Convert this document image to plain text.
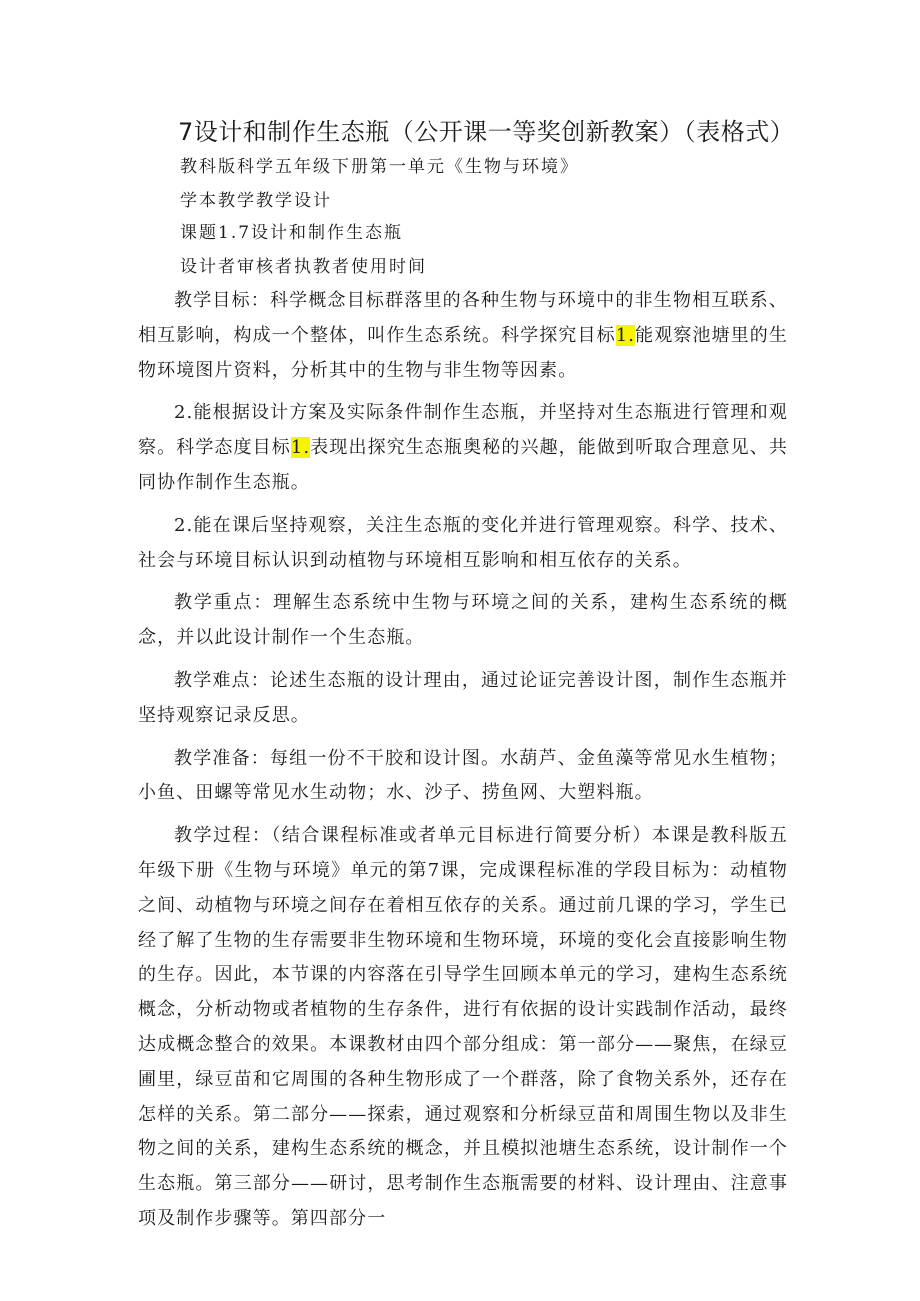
7设计和制作生态瓶（公开课一等奖创新教案）（表格式）
教科版科学五年级下册第一单元《生物与环境》
学本教学教学设计
课题1.7设计和制作生态瓶
设计者审核者执教者使用时间

教学目标：科学概念目标群落里的各种生物与环境中的非生物相互联系、相互影响，构成一个整体，叫作生态系统。科学探究目标1.能观察池塘里的生物环境图片资料，分析其中的生物与非生物等因素。

2.能根据设计方案及实际条件制作生态瓶，并坚持对生态瓶进行管理和观察。科学态度目标1.表现出探究生态瓶奥秘的兴趣，能做到听取合理意见、共同协作制作生态瓶。

2.能在课后坚持观察，关注生态瓶的变化并进行管理观察。科学、技术、社会与环境目标认识到动植物与环境相互影响和相互依存的关系。

教学重点：理解生态系统中生物与环境之间的关系，建构生态系统的概念，并以此设计制作一个生态瓶。

教学难点：论述生态瓶的设计理由，通过论证完善设计图，制作生态瓶并坚持观察记录反思。

教学准备：每组一份不干胶和设计图。水葫芦、金鱼藻等常见水生植物；小鱼、田螺等常见水生动物；水、沙子、捞鱼网、大塑料瓶。

教学过程：（结合课程标准或者单元目标进行简要分析）本课是教科版五年级下册《生物与环境》单元的第7课，完成课程标准的学段目标为：动植物之间、动植物与环境之间存在着相互依存的关系。通过前几课的学习，学生已经了解了生物的生存需要非生物环境和生物环境，环境的变化会直接影响生物的生存。因此，本节课的内容落在引导学生回顾本单元的学习，建构生态系统概念，分析动物或者植物的生存条件，进行有依据的设计实践制作活动，最终达成概念整合的效果。本课教材由四个部分组成：第一部分——聚焦，在绿豆圃里，绿豆苗和它周围的各种生物形成了一个群落，除了食物关系外，还存在怎样的关系。第二部分——探索，通过观察和分析绿豆苗和周围生物以及非生物之间的关系，建构生态系统的概念，并且模拟池塘生态系统，设计制作一个生态瓶。第三部分——研讨，思考制作生态瓶需要的材料、设计理由、注意事项及制作步骤等。第四部分一
